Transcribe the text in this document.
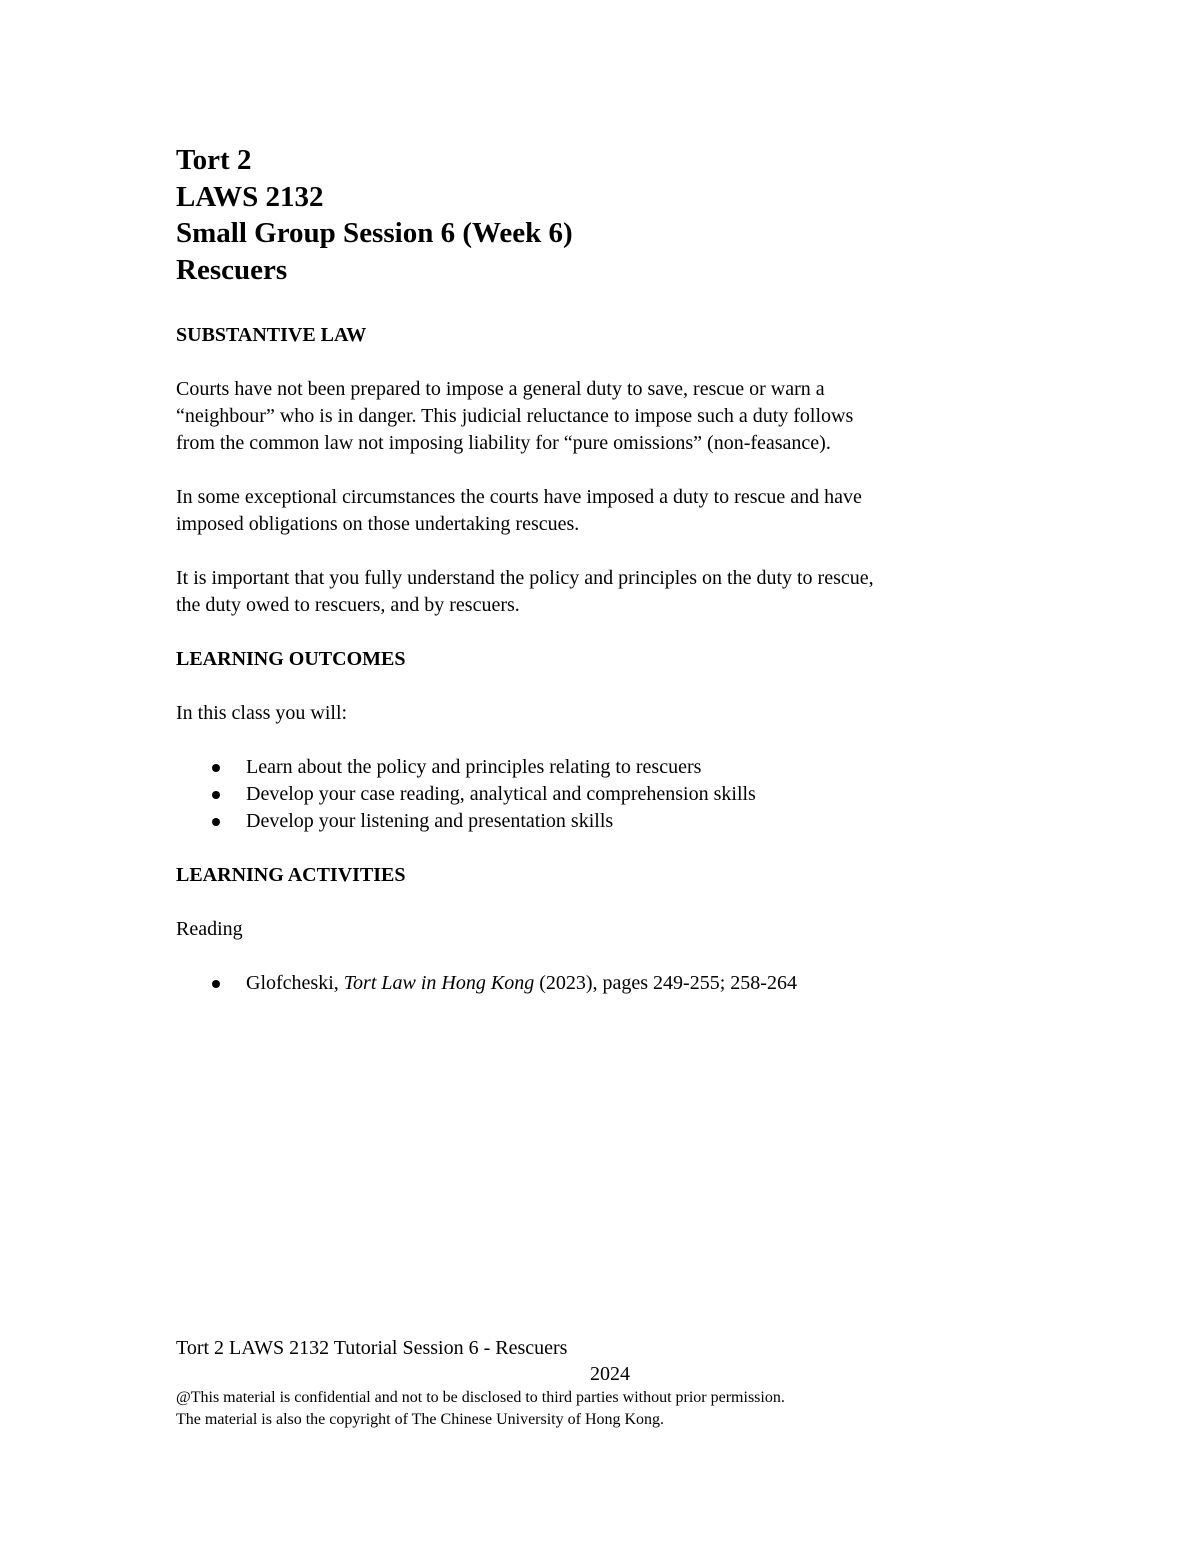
Tort 2
LAWS 2132
Small Group Session 6 (Week 6)
Rescuers

SUBSTANTIVE LAW

Courts have not been prepared to impose a general duty to save, rescue or warn a
“neighbour” who is in danger. This judicial reluctance to impose such a duty follows
from the common law not imposing liability for “pure omissions” (non-feasance).

In some exceptional circumstances the courts have imposed a duty to rescue and have
imposed obligations on those undertaking rescues.

It is important that you fully understand the policy and principles on the duty to rescue,
the duty owed to rescuers, and by rescuers.

LEARNING OUTCOMES

In this class you will:

Learn about the policy and principles relating to rescuers
Develop your case reading, analytical and comprehension skills
Develop your listening and presentation skills

LEARNING ACTIVITIES

Reading

Glofcheski, Tort Law in Hong Kong (2023), pages 249-255; 258-264
Tort 2 LAWS 2132 Tutorial Session 6 - Rescuers
2024
@This material is confidential and not to be disclosed to third parties without prior permission.
The material is also the copyright of The Chinese University of Hong Kong.
